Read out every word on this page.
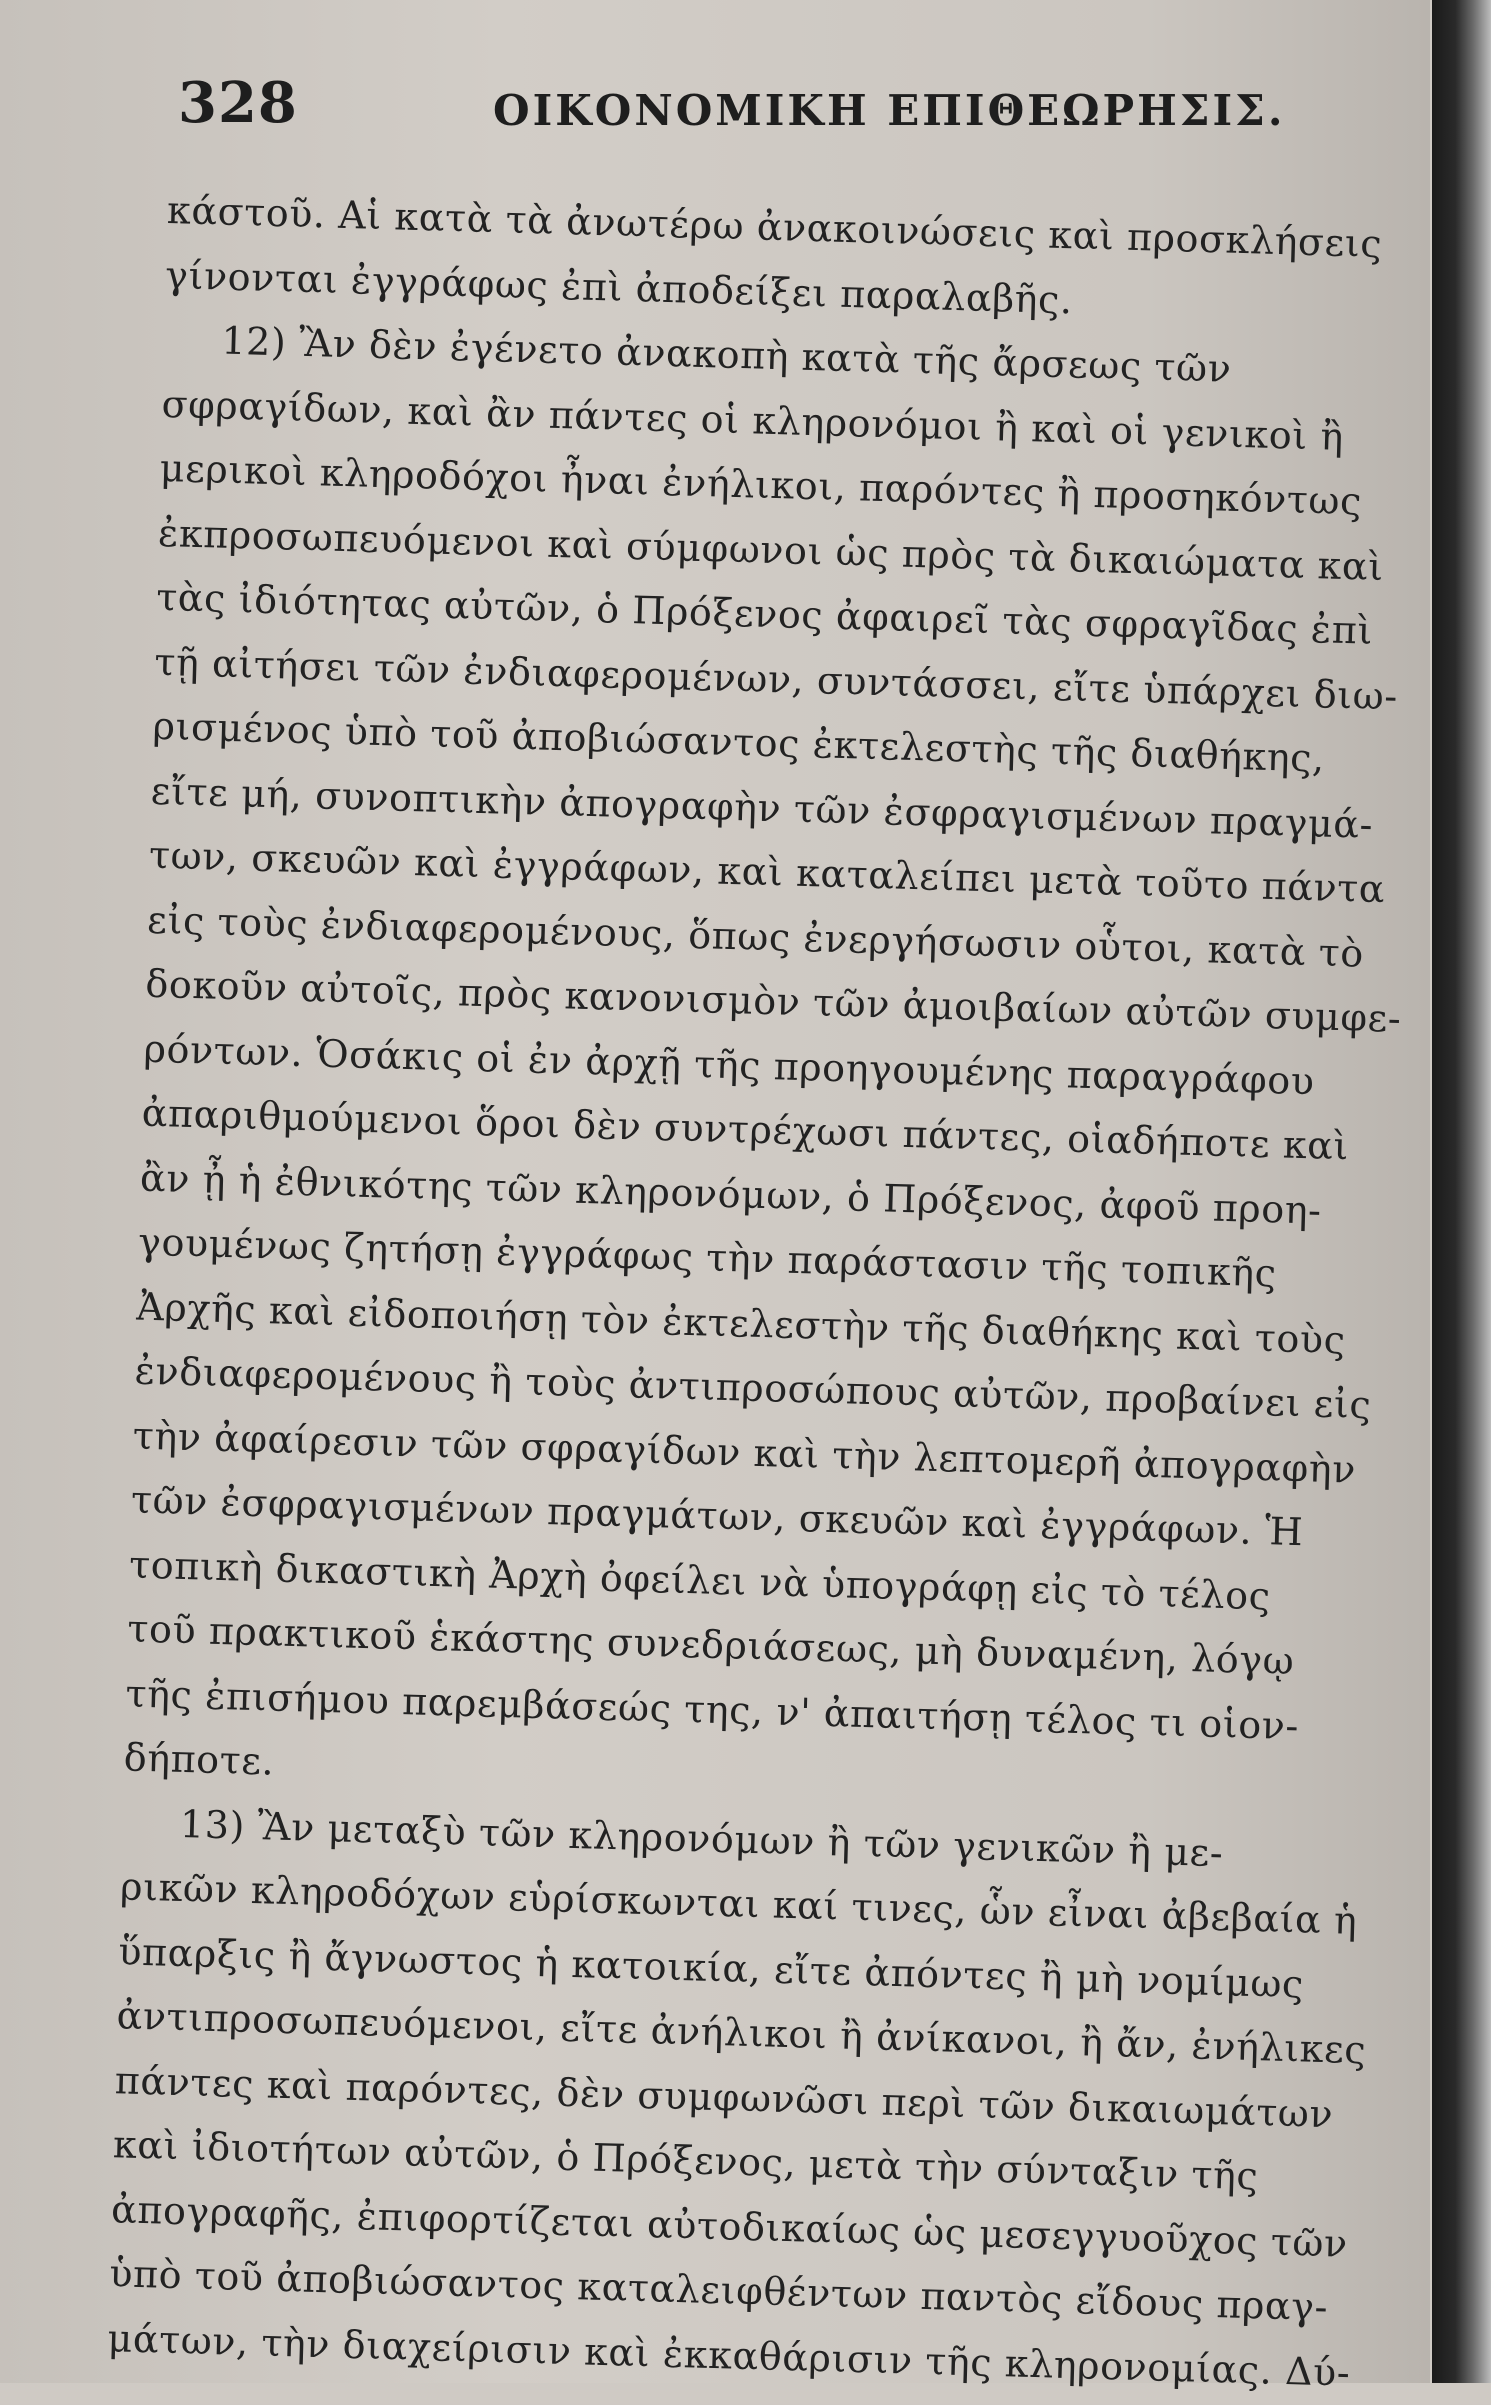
328	ΟΙΚΟΝΟΜΙΚΗ ΕΠΙΘΕΩΡΗΣΙΣ.
κάστοῦ. Αἱ κατὰ τὰ ἀνωτέρω ἀνακοινώσεις καὶ προσκλήσεις
γίνονται ἐγγράφως ἐπὶ ἀποδείξει παραλαβῆς.
12) Ἂν δὲν ἐγένετο ἀνακοπὴ κατὰ τῆς ἄρσεως τῶν
σφραγίδων, καὶ ἂν πάντες οἱ κληρονόμοι ἢ καὶ οἱ γενικοὶ ἢ
μερικοὶ κληροδόχοι ἦναι ἐνήλικοι, παρόντες ἢ προσηκόντως
ἐκπροσωπευόμενοι καὶ σύμφωνοι ὡς πρὸς τὰ δικαιώματα καὶ
τὰς ἰδιότητας αὐτῶν, ὁ Πρόξενος ἀφαιρεῖ τὰς σφραγῖδας ἐπὶ
τῇ αἰτήσει τῶν ἐνδιαφερομένων, συντάσσει, εἴτε ὑπάρχει διω-
ρισμένος ὑπὸ τοῦ ἀποβιώσαντος ἐκτελεστὴς τῆς διαθήκης,
εἴτε μή, συνοπτικὴν ἀπογραφὴν τῶν ἐσφραγισμένων πραγμά-
των, σκευῶν καὶ ἐγγράφων, καὶ καταλείπει μετὰ τοῦτο πάντα
εἰς τοὺς ἐνδιαφερομένους, ὅπως ἐνεργήσωσιν οὗτοι, κατὰ τὸ
δοκοῦν αὐτοῖς, πρὸς κανονισμὸν τῶν ἀμοιβαίων αὐτῶν συμφε-
ρόντων. Ὁσάκις οἱ ἐν ἀρχῇ τῆς προηγουμένης παραγράφου
ἀπαριθμούμενοι ὅροι δὲν συντρέχωσι πάντες, οἱαδήποτε καὶ
ἂν ᾖ ἡ ἐθνικότης τῶν κληρονόμων, ὁ Πρόξενος, ἀφοῦ προη-
γουμένως ζητήσῃ ἐγγράφως τὴν παράστασιν τῆς τοπικῆς
Ἀρχῆς καὶ εἰδοποιήσῃ τὸν ἐκτελεστὴν τῆς διαθήκης καὶ τοὺς
ἐνδιαφερομένους ἢ τοὺς ἀντιπροσώπους αὐτῶν, προβαίνει εἰς
τὴν ἀφαίρεσιν τῶν σφραγίδων καὶ τὴν λεπτομερῆ ἀπογραφὴν
τῶν ἐσφραγισμένων πραγμάτων, σκευῶν καὶ ἐγγράφων. Ἡ
τοπικὴ δικαστικὴ Ἀρχὴ ὀφείλει νὰ ὑπογράφῃ εἰς τὸ τέλος
τοῦ πρακτικοῦ ἑκάστης συνεδριάσεως, μὴ δυναμένη, λόγῳ
τῆς ἐπισήμου παρεμβάσεώς της, ν' ἀπαιτήσῃ τέλος τι οἱον-
δήποτε.
13) Ἂν μεταξὺ τῶν κληρονόμων ἢ τῶν γενικῶν ἢ με-
ρικῶν κληροδόχων εὑρίσκωνται καί τινες, ὧν εἶναι ἀβεβαία ἡ
ὕπαρξις ἢ ἄγνωστος ἡ κατοικία, εἴτε ἀπόντες ἢ μὴ νομίμως
ἀντιπροσωπευόμενοι, εἴτε ἀνήλικοι ἢ ἀνίκανοι, ἢ ἄν, ἐνήλικες
πάντες καὶ παρόντες, δὲν συμφωνῶσι περὶ τῶν δικαιωμάτων
καὶ ἰδιοτήτων αὐτῶν, ὁ Πρόξενος, μετὰ τὴν σύνταξιν τῆς
ἀπογραφῆς, ἐπιφορτίζεται αὐτοδικαίως ὡς μεσεγγυοῦχος τῶν
ὑπὸ τοῦ ἀποβιώσαντος καταλειφθέντων παντὸς εἴδους πραγ-
μάτων, τὴν διαχείρισιν καὶ ἐκκαθάρισιν τῆς κληρονομίας. Δύ-
